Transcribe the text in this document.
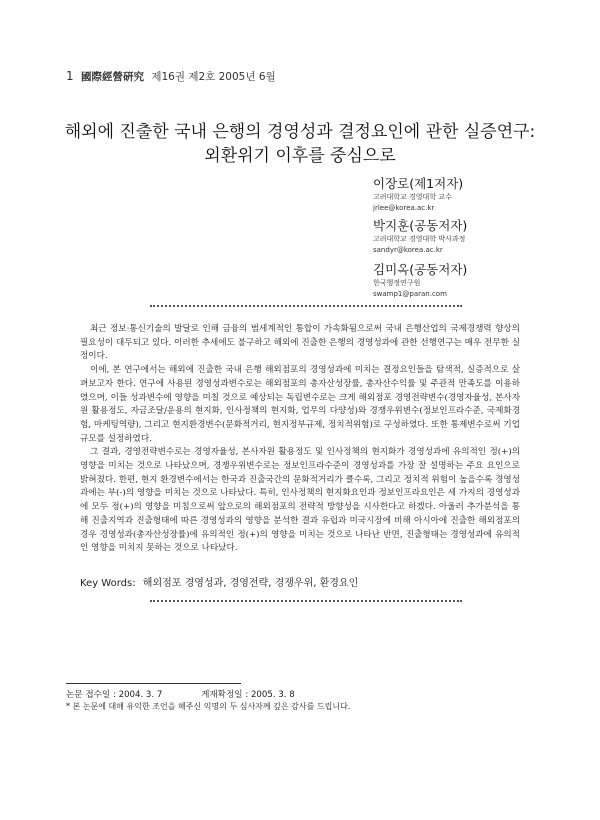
1 國際經營硏究 제16권 제2호 2005년 6월
해외에 진출한 국내 은행의 경영성과 결정요인에 관한 실증연구:
외환위기 이후를 중심으로
이장로(제1저자)
고려대학교 경영대학 교수
jrlee@korea.ac.kr
박지훈(공동저자)
고려대학교 경영대학 박사과정
sandyr@korea.ac.kr
김미옥(공동저자)
한국행정연구원
swamp1@paran.com

최근 정보·통신기술의 발달로 인해 금융의 범세계적인 통합이 가속화됨으로써 국내 은행산업의 국제경쟁력 향상의 필요성이 대두되고 있다. 이러한 추세에도 불구하고 해외에 진출한 은행의 경영성과에 관한 선행연구는 매우 전무한 실정이다.

이에, 본 연구에서는 해외에 진출한 국내 은행 해외점포의 경영성과에 미치는 결정요인들을 탐색적, 실증적으로 살펴보고자 한다. 연구에 사용된 경영성과변수로는 해외점포의 총자산성장률, 총자산수익률 및 주관적 만족도를 이용하였으며, 이들 성과변수에 영향을 미칠 것으로 예상되는 독립변수로는 크게 해외점포 경영전략변수(경영자율성, 본사자원 활용정도, 자금조달/운용의 현지화, 인사정책의 현지화, 업무의 다양성)와 경쟁우위변수(정보인프라수준, 국제화경험, 마케팅역량), 그리고 현지환경변수(문화적거리, 현지정부규제, 정치적위험)로 구성하였다. 또한 통제변수로써 기업규모를 설정하였다.

그 결과, 경영전략변수로는 경영자율성, 본사자원 활용정도 및 인사정책의 현지화가 경영성과에 유의적인 정(+)의 영향을 미치는 것으로 나타났으며, 경쟁우위변수로는 정보인프라수준이 경영성과를 가장 잘 설명하는 주요 요인으로 밝혀졌다. 한편, 현지 환경변수에서는 한국과 진출국간의 문화적거리가 클수록, 그리고 정치적 위험이 높을수록 경영성과에는 부(-)의 영향을 미치는 것으로 나타났다. 특히, 인사정책의 현지화요인과 정보인프라요인은 세 가지의 경영성과에 모두 정(+)의 영향을 미침으로써 앞으로의 해외점포의 전략적 방향성을 시사한다고 하겠다. 아울러 추가분석을 통해 진출지역과 진출형태에 따른 경영성과의 영향을 분석한 결과 유럽과 미국시장에 비해 아시아에 진출한 해외점포의 경우 경영성과(총자산성장률)에 유의적인 정(+)의 영향을 미치는 것으로 나타난 반면, 진출형태는 경영성과에 유의적인 영향을 미치지 못하는 것으로 나타났다.

Key Words: 해외점포 경영성과, 경영전략, 경쟁우위, 환경요인
논문 접수일 : 2004. 3. 7	게재확정일 : 2005. 3. 8
* 본 논문에 대해 유익한 조언을 해주신 익명의 두 심사자께 깊은 감사를 드립니다.
